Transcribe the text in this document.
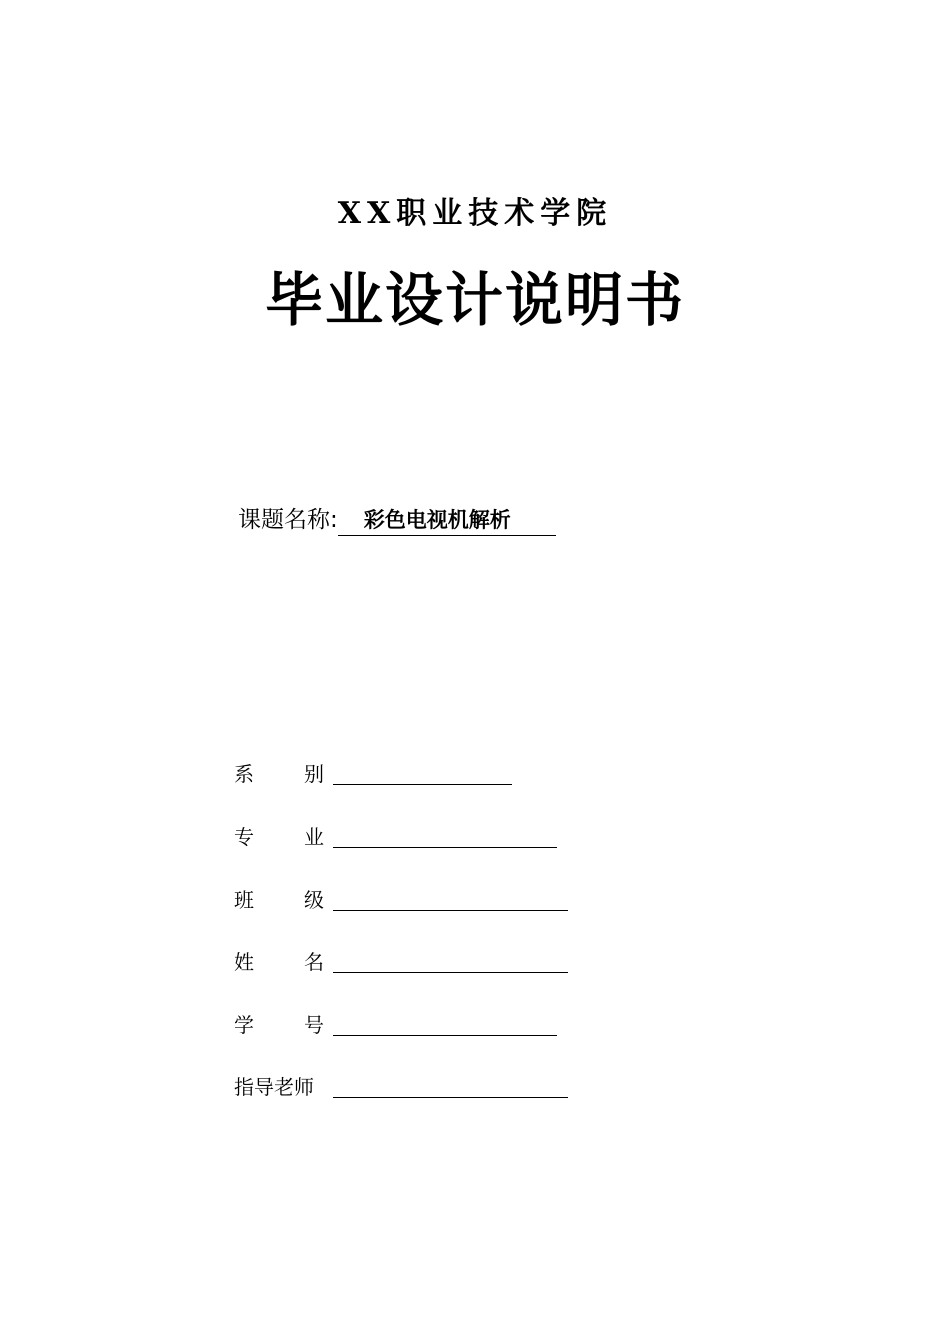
XX职业技术学院
毕业设计说明书
课题名称:	彩色电视机解析
系	别
专	业
班	级
姓	名
学	号
指导老师
